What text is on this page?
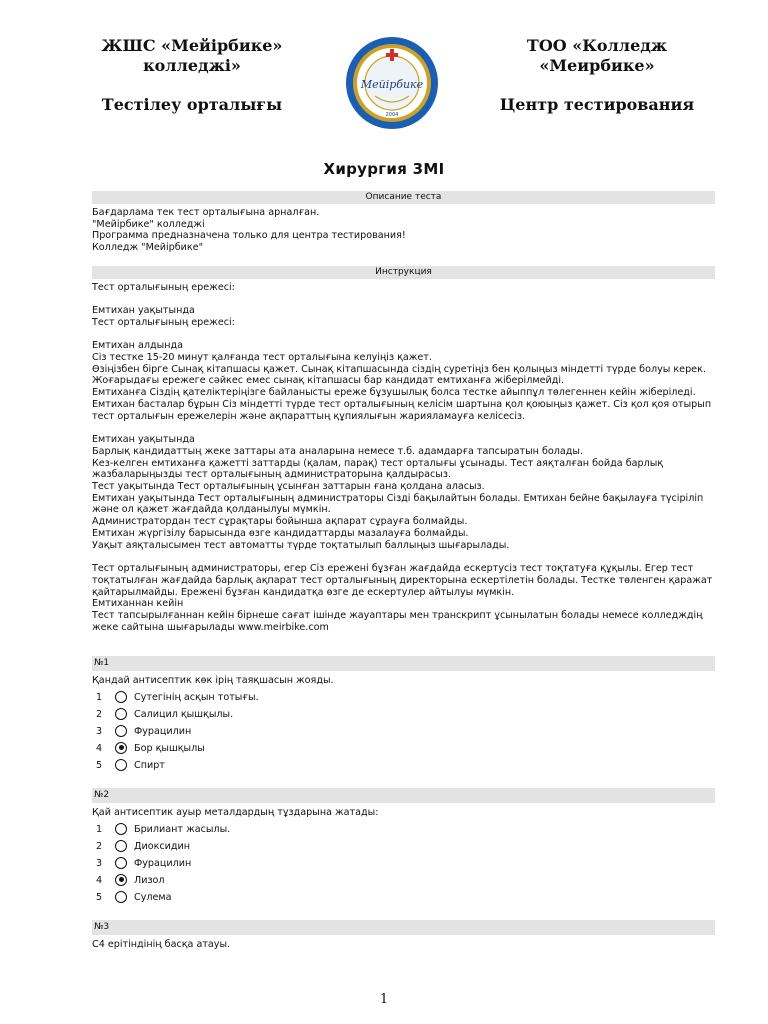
ЖШС «Мейірбике» колледжі»
Тестілеу орталығы
Мейірбике
2004
ТОО «Колледж «Меирбике»
Центр тестирования
Хирургия 3MI
Описание теста
Бағдарлама тек тест орталығына арналған.
"Мейірбике" колледжі
Программа предназначена только для центра тестирования!
Колледж "Мейірбике"
Инструкция
Тест орталығының ережесі:

Емтихан уақытында
Тест орталығының ережесі:

Емтихан алдында
Сіз тестке 15-20 минут қалғанда тест орталығына келуіңіз қажет.
Өзіңізбен бірге Сынақ кітапшасы қажет. Сынақ кітапшасында сіздің суретіңіз бен қолыңыз міндетті түрде болуы керек. Жоғарыдағы ережеге сәйкес емес сынақ кітапшасы бар кандидат емтиханға жіберілмейді.
Емтиханға Сіздің қателіктеріңізге байланысты ереже бұзушылық болса тестке айыппұл төлегеннен кейін жіберіледі.
Емтихан басталар бұрын Сіз міндетті түрде тест орталығының келісім шартына қол қоюыңыз қажет. Сіз қол қоя отырып тест орталығын ережелерін және ақпараттың құпиялығын жарияламауға келісесіз.
Емтихан уақытында
Барлық кандидаттың жеке заттары ата аналарына немесе т.б. адамдарға тапсыратын болады.
Кез-келген емтиханға қажетті заттарды (қалам, парақ) тест орталығы ұсынады. Тест аяқталған бойда барлық жазбаларыңызды тест орталығының администраторына қалдырасыз.
Тест уақытында Тест орталығының ұсынған заттарын ғана қолдана аласыз.
Емтихан уақытында Тест орталығының администраторы Сізді бақылайтын болады. Емтихан бейне бақылауға түсіріліп және ол қажет жағдайда қолданылуы мүмкін.
Администратордан тест сұрақтары бойынша ақпарат сұрауға болмайды.
Емтихан жүргізілу барысында өзге кандидаттарды мазалауға болмайды.
Уақыт аяқталысымен тест автоматты түрде тоқтатылып баллыңыз шығарылады.
Тест орталығының администраторы, егер Сіз ережені бұзған жағдайда ескертусіз тест тоқтатуға құқылы. Егер тест тоқтатылған жағдайда барлық ақпарат тест орталығының директорына ескертілетін болады. Тестке төленген қаражат қайтарылмайды. Ережені бұзған кандидатқа өзге де ескертулер айтылуы мүмкін.
Емтиханнан кейін
Тест тапсырылғаннан кейін бірнеше сағат ішінде жауаптары мен транскрипт ұсынылатын болады немесе колледждің жеке сайтына шығарылады www.meirbike.com
№1
Қандай антисептик көк ірің таяқшасын жояды.
1	Сутегінің асқын тотығы.
2	Салицил қышқылы.
3	Фурацилин
4	Бор қышқылы
5	Спирт
№2
Қай антисептик ауыр металдардың тұздарына жатады:
1	Брилиант жасылы.
2	Диоксидин
3	Фурацилин
4	Лизол
5	Сулема
№3
С4 ерітіндінің басқа атауы.
1
